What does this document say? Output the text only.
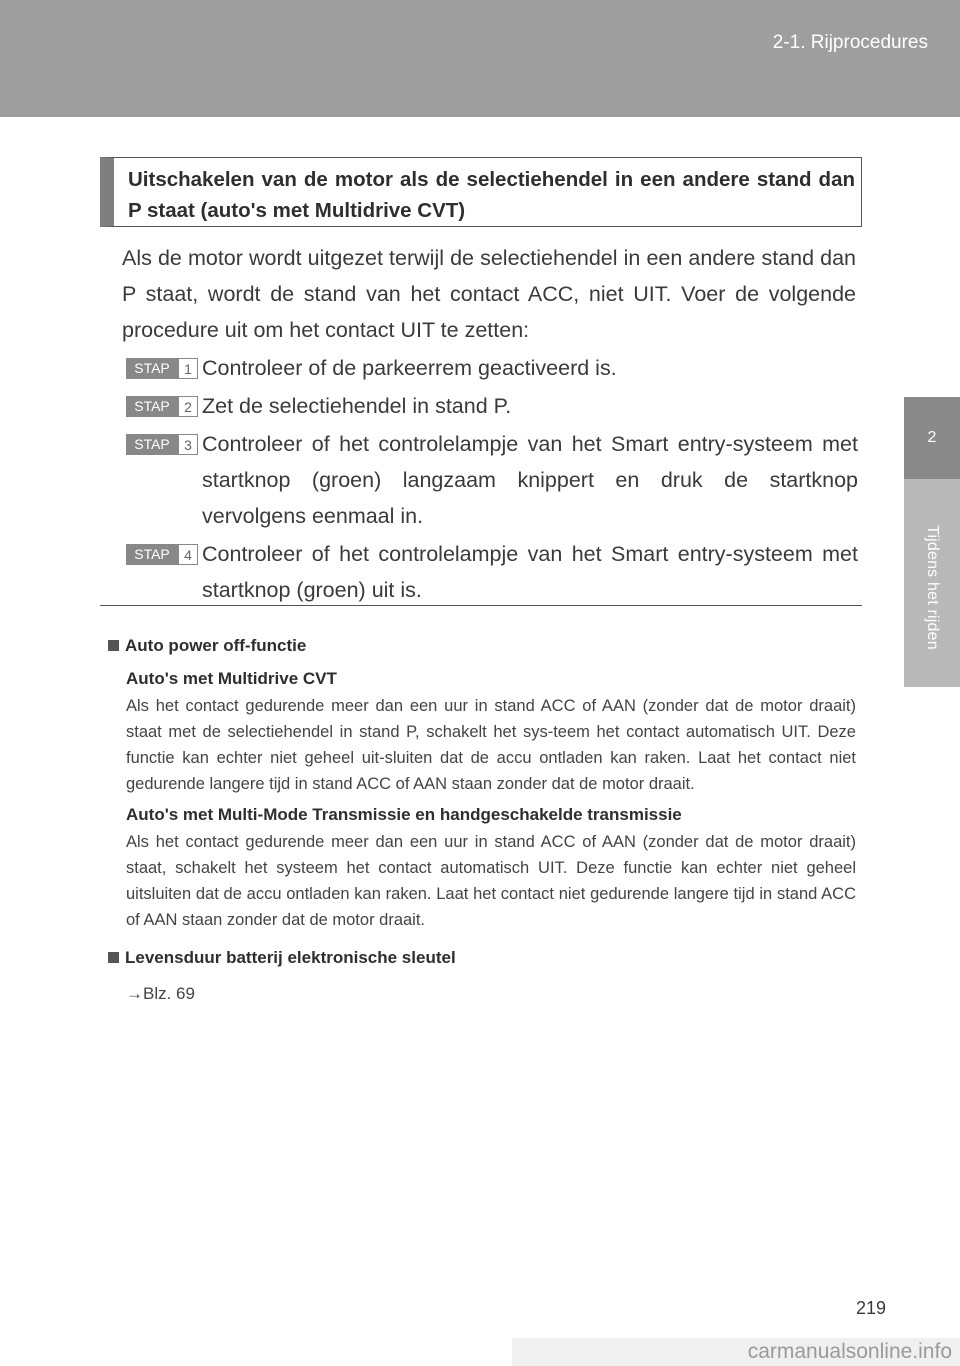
2-1. Rijprocedures
2
Tijdens het rijden
Uitschakelen van de motor als de selectiehendel in een andere stand dan P staat (auto's met Multidrive CVT)

Als de motor wordt uitgezet terwijl de selectiehendel in een andere stand dan P staat, wordt de stand van het contact ACC, niet UIT. Voer de volgende procedure uit om het contact UIT te zetten:

STAP	1 Controleer of de parkeerrem geactiveerd is.
STAP	2 Zet de selectiehendel in stand P.
STAP	3 Controleer of het controlelampje van het Smart entry-systeem met startknop (groen) langzaam knippert en druk de startknop vervolgens eenmaal in.
STAP	4 Controleer of het controlelampje van het Smart entry-systeem met startknop (groen) uit is.
Auto power off-functie
Auto's met Multidrive CVT
Als het contact gedurende meer dan een uur in stand ACC of AAN (zonder dat de motor draait) staat met de selectiehendel in stand P, schakelt het sys-teem het contact automatisch UIT. Deze functie kan echter niet geheel uit-sluiten dat de accu ontladen kan raken. Laat het contact niet gedurende langere tijd in stand ACC of AAN staan zonder dat de motor draait.
Auto's met Multi-Mode Transmissie en handgeschakelde transmissie
Als het contact gedurende meer dan een uur in stand ACC of AAN (zonder dat de motor draait) staat, schakelt het systeem het contact automatisch UIT. Deze functie kan echter niet geheel uitsluiten dat de accu ontladen kan raken. Laat het contact niet gedurende langere tijd in stand ACC of AAN staan zonder dat de motor draait.
Levensduur batterij elektronische sleutel
→Blz. 69
219
carmanualsonline.info
